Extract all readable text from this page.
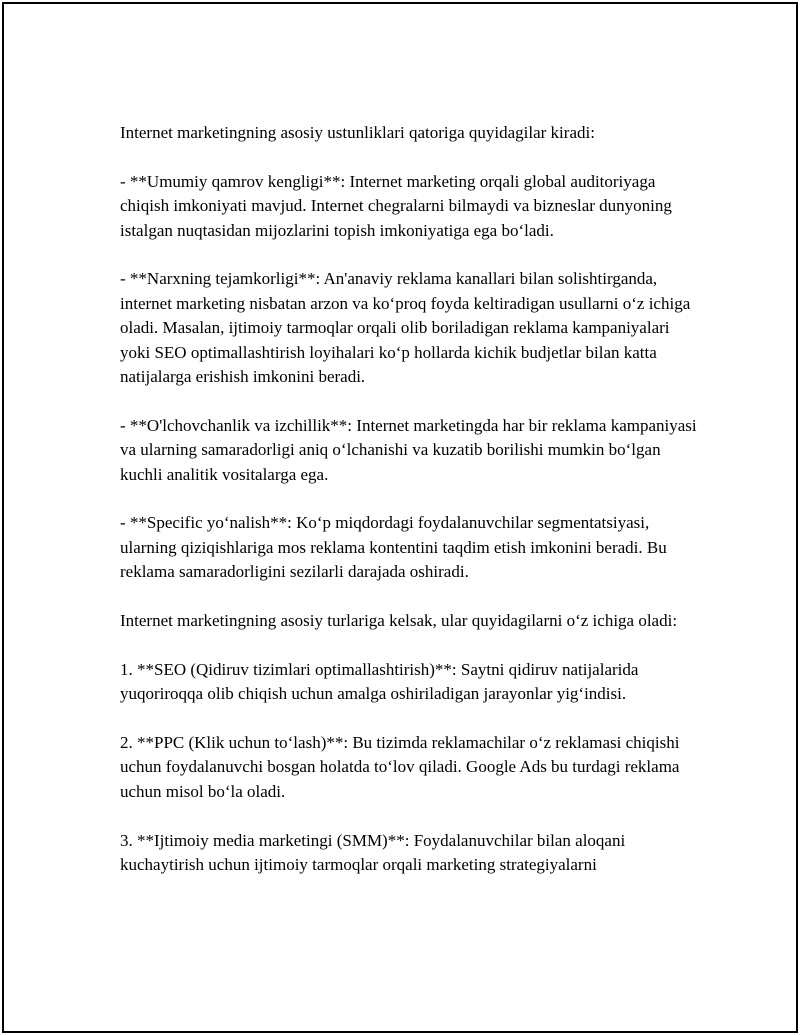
Internet marketingning asosiy ustunliklari qatoriga quyidagilar kiradi:

- **Umumiy qamrov kengligi**: Internet marketing orqali global auditoriyaga chiqish imkoniyati mavjud. Internet chegralarni bilmaydi va bizneslar dunyoning istalgan nuqtasidan mijozlarini topish imkoniyatiga ega bo‘ladi.

- **Narxning tejamkorligi**: An'anaviy reklama kanallari bilan solishtirganda, internet marketing nisbatan arzon va ko‘proq foyda keltiradigan usullarni o‘z ichiga oladi. Masalan, ijtimoiy tarmoqlar orqali olib boriladigan reklama kampaniyalari yoki SEO optimallashtirish loyihalari ko‘p hollarda kichik budjetlar bilan katta natijalarga erishish imkonini beradi.

- **O'lchovchanlik va izchillik**: Internet marketingda har bir reklama kampaniyasi va ularning samaradorligi aniq o‘lchanishi va kuzatib borilishi mumkin bo‘lgan kuchli analitik vositalarga ega.

- **Specific yo‘nalish**: Ko‘p miqdordagi foydalanuvchilar segmentatsiyasi, ularning qiziqishlariga mos reklama kontentini taqdim etish imkonini beradi. Bu reklama samaradorligini sezilarli darajada oshiradi.

Internet marketingning asosiy turlariga kelsak, ular quyidagilarni o‘z ichiga oladi:

1. **SEO (Qidiruv tizimlari optimallashtirish)**: Saytni qidiruv natijalarida yuqoriroqqa olib chiqish uchun amalga oshiriladigan jarayonlar yig‘indisi.

2. **PPC (Klik uchun to‘lash)**: Bu tizimda reklamachilar o‘z reklamasi chiqishi uchun foydalanuvchi bosgan holatda to‘lov qiladi. Google Ads bu turdagi reklama uchun misol bo‘la oladi.

3. **Ijtimoiy media marketingi (SMM)**: Foydalanuvchilar bilan aloqani kuchaytirish uchun ijtimoiy tarmoqlar orqali marketing strategiyalarni
